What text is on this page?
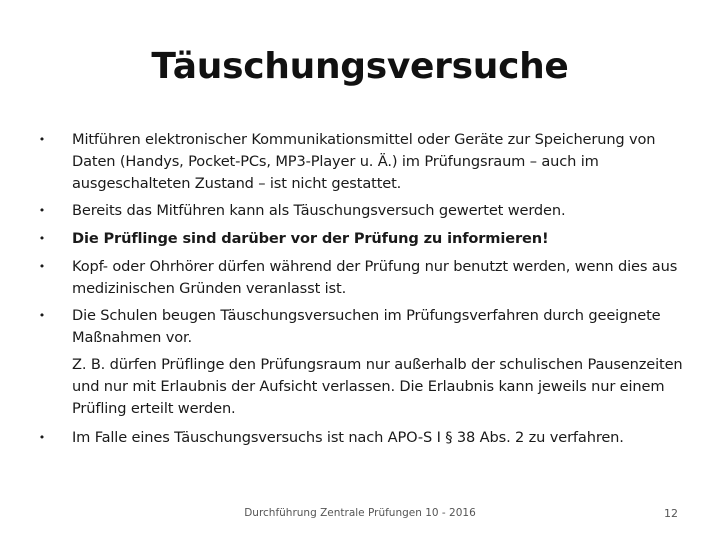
Täuschungsversuche
• Mitführen elektronischer Kommunikationsmittel oder Geräte zur Speicherung von Daten (Handys, Pocket-PCs, MP3-Player u. Ä.) im Prüfungsraum – auch im ausgeschalteten Zustand – ist nicht gestattet.
• Bereits das Mitführen kann als Täuschungsversuch gewertet werden.
• Die Prüflinge sind darüber vor der Prüfung zu informieren!
• Kopf- oder Ohrhörer dürfen während der Prüfung nur benutzt werden, wenn dies aus medizinischen Gründen veranlasst ist.
• Die Schulen beugen Täuschungsversuchen im Prüfungsverfahren durch geeignete Maßnahmen vor.
Z. B. dürfen Prüflinge den Prüfungsraum nur außerhalb der schulischen Pausenzeiten und nur mit Erlaubnis der Aufsicht verlassen. Die Erlaubnis kann jeweils nur einem Prüfling erteilt werden.
• Im Falle eines Täuschungsversuchs ist nach APO-S I § 38 Abs. 2 zu verfahren.
Durchführung Zentrale Prüfungen 10 - 2016	12
